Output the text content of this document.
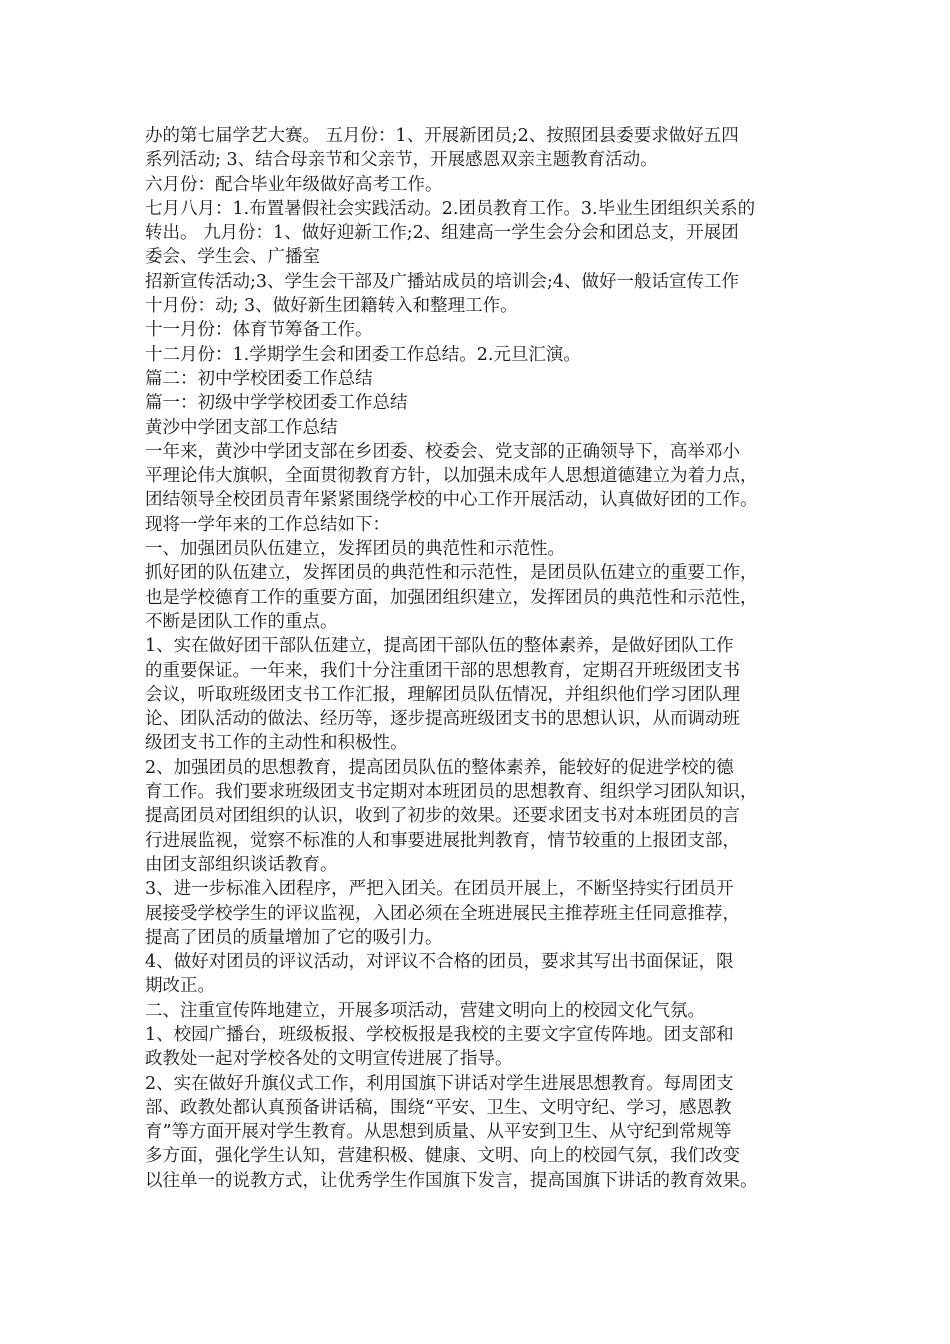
办的第七届学艺大赛。 五月份：1、开展新团员;2、按照团县委要求做好五四
系列活动; 3、结合母亲节和父亲节，开展感恩双亲主题教育活动。
六月份：配合毕业年级做好高考工作。
七月八月：1.布置暑假社会实践活动。2.团员教育工作。3.毕业生团组织关系的
转出。 九月份：1、做好迎新工作;2、组建高一学生会分会和团总支，开展团
委会、学生会、广播室
招新宣传活动;3、学生会干部及广播站成员的培训会;4、做好一般话宣传工作
十月份：动; 3、做好新生团籍转入和整理工作。
十一月份：体育节筹备工作。
十二月份：1.学期学生会和团委工作总结。2.元旦汇演。
篇二：初中学校团委工作总结
篇一：初级中学学校团委工作总结
黄沙中学团支部工作总结
一年来，黄沙中学团支部在乡团委、校委会、党支部的正确领导下，高举邓小
平理论伟大旗帜，全面贯彻教育方针，以加强未成年人思想道德建立为着力点，
团结领导全校团员青年紧紧围绕学校的中心工作开展活动，认真做好团的工作。
现将一学年来的工作总结如下：
一、加强团员队伍建立，发挥团员的典范性和示范性。
抓好团的队伍建立，发挥团员的典范性和示范性，是团员队伍建立的重要工作，
也是学校德育工作的重要方面，加强团组织建立，发挥团员的典范性和示范性，
不断是团队工作的重点。
1、实在做好团干部队伍建立，提高团干部队伍的整体素养，是做好团队工作
的重要保证。一年来，我们十分注重团干部的思想教育，定期召开班级团支书
会议，听取班级团支书工作汇报，理解团员队伍情况，并组织他们学习团队理
论、团队活动的做法、经历等，逐步提高班级团支书的思想认识，从而调动班
级团支书工作的主动性和积极性。
2、加强团员的思想教育，提高团员队伍的整体素养，能较好的促进学校的德
育工作。我们要求班级团支书定期对本班团员的思想教育、组织学习团队知识，
提高团员对团组织的认识，收到了初步的效果。还要求团支书对本班团员的言
行进展监视，觉察不标准的人和事要进展批判教育，情节较重的上报团支部，
由团支部组织谈话教育。
3、进一步标准入团程序，严把入团关。在团员开展上，不断坚持实行团员开
展接受学校学生的评议监视，入团必须在全班进展民主推荐班主任同意推荐，
提高了团员的质量增加了它的吸引力。
4、做好对团员的评议活动，对评议不合格的团员，要求其写出书面保证，限
期改正。
二、注重宣传阵地建立，开展多项活动，营建文明向上的校园文化气氛。
1、校园广播台，班级板报、学校板报是我校的主要文字宣传阵地。团支部和
政教处一起对学校各处的文明宣传进展了指导。
2、实在做好升旗仪式工作，利用国旗下讲话对学生进展思想教育。每周团支
部、政教处都认真预备讲话稿，围绕“平安、卫生、文明守纪、学习，感恩教
育”等方面开展对学生教育。从思想到质量、从平安到卫生、从守纪到常规等
多方面，强化学生认知，营建积极、健康、文明、向上的校园气氛，我们改变
以往单一的说教方式，让优秀学生作国旗下发言，提高国旗下讲话的教育效果。
